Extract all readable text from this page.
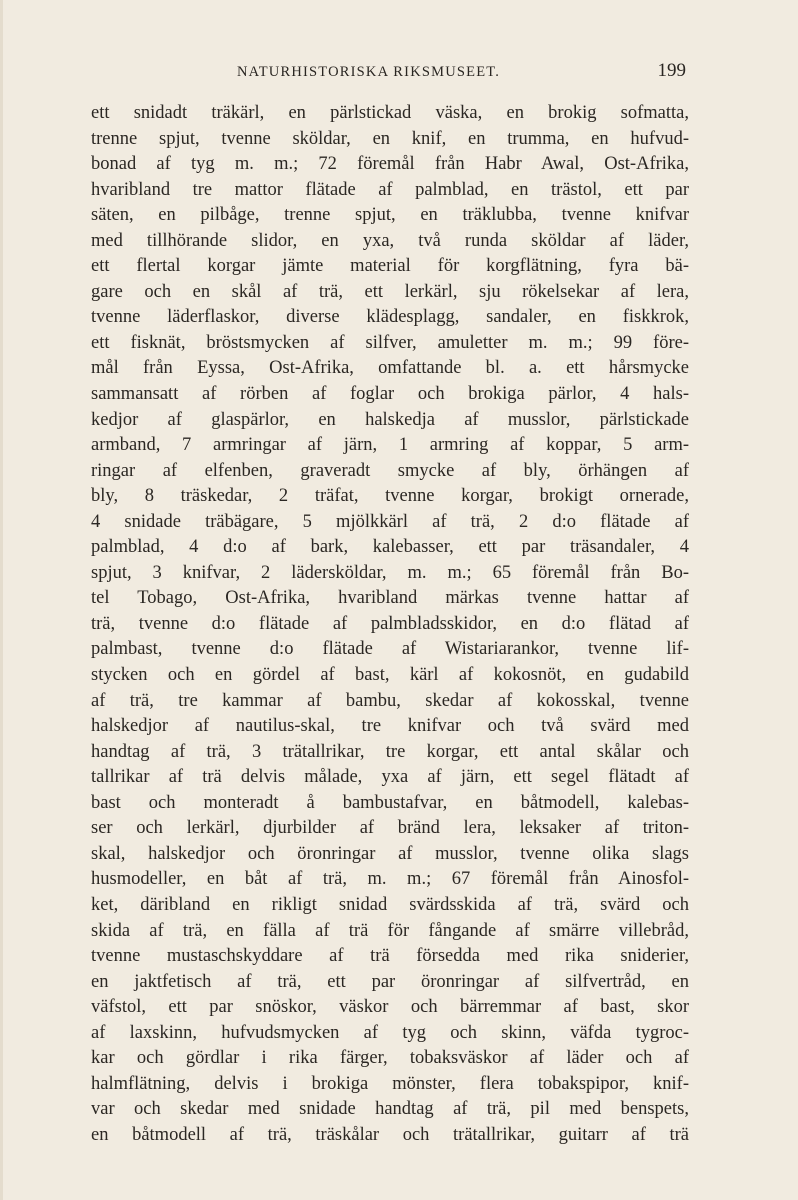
NATURHISTORISKA RIKSMUSEET.	199
ett snidadt träkärl, en pärlstickad väska, en brokig sofmatta,
trenne spjut, tvenne sköldar, en knif, en trumma, en hufvud-
bonad af tyg m. m.; 72 föremål från Habr Awal, Ost-Afrika,
hvaribland tre mattor flätade af palmblad, en trästol, ett par
säten, en pilbåge, trenne spjut, en träklubba, tvenne knifvar
med tillhörande slidor, en yxa, två runda sköldar af läder,
ett flertal korgar jämte material för korgflätning, fyra bä-
gare och en skål af trä, ett lerkärl, sju rökelsekar af lera,
tvenne läderflaskor, diverse klädesplagg, sandaler, en fiskkrok,
ett fisknät, bröstsmycken af silfver, amuletter m. m.; 99 före-
mål från Eyssa, Ost-Afrika, omfattande bl. a. ett hårsmycke
sammansatt af rörben af foglar och brokiga pärlor, 4 hals-
kedjor af glaspärlor, en halskedja af musslor, pärlstickade
armband, 7 armringar af järn, 1 armring af koppar, 5 arm-
ringar af elfenben, graveradt smycke af bly, örhängen af
bly, 8 träskedar, 2 träfat, tvenne korgar, brokigt ornerade,
4 snidade träbägare, 5 mjölkkärl af trä, 2 d:o flätade af
palmblad, 4 d:o af bark, kalebasser, ett par träsandaler, 4
spjut, 3 knifvar, 2 lädersköldar, m. m.; 65 föremål från Bo-
tel Tobago, Ost-Afrika, hvaribland märkas tvenne hattar af
trä, tvenne d:o flätade af palmbladsskidor, en d:o flätad af
palmbast, tvenne d:o flätade af Wistariarankor, tvenne lif-
stycken och en gördel af bast, kärl af kokosnöt, en gudabild
af trä, tre kammar af bambu, skedar af kokosskal, tvenne
halskedjor af nautilus-skal, tre knifvar och två svärd med
handtag af trä, 3 trätallrikar, tre korgar, ett antal skålar och
tallrikar af trä delvis målade, yxa af järn, ett segel flätadt af
bast och monteradt å bambustafvar, en båtmodell, kalebas-
ser och lerkärl, djurbilder af bränd lera, leksaker af triton-
skal, halskedjor och öronringar af musslor, tvenne olika slags
husmodeller, en båt af trä, m. m.; 67 föremål från Ainosfol-
ket, däribland en rikligt snidad svärdsskida af trä, svärd och
skida af trä, en fälla af trä för fångande af smärre villebråd,
tvenne mustaschskyddare af trä försedda med rika sniderier,
en jaktfetisch af trä, ett par öronringar af silfvertråd, en
väfstol, ett par snöskor, väskor och bärremmar af bast, skor
af laxskinn, hufvudsmycken af tyg och skinn, väfda tygroc-
kar och gördlar i rika färger, tobaksväskor af läder och af
halmflätning, delvis i brokiga mönster, flera tobakspipor, knif-
var och skedar med snidade handtag af trä, pil med benspets,
en båtmodell af trä, träskålar och trätallrikar, guitarr af trä
